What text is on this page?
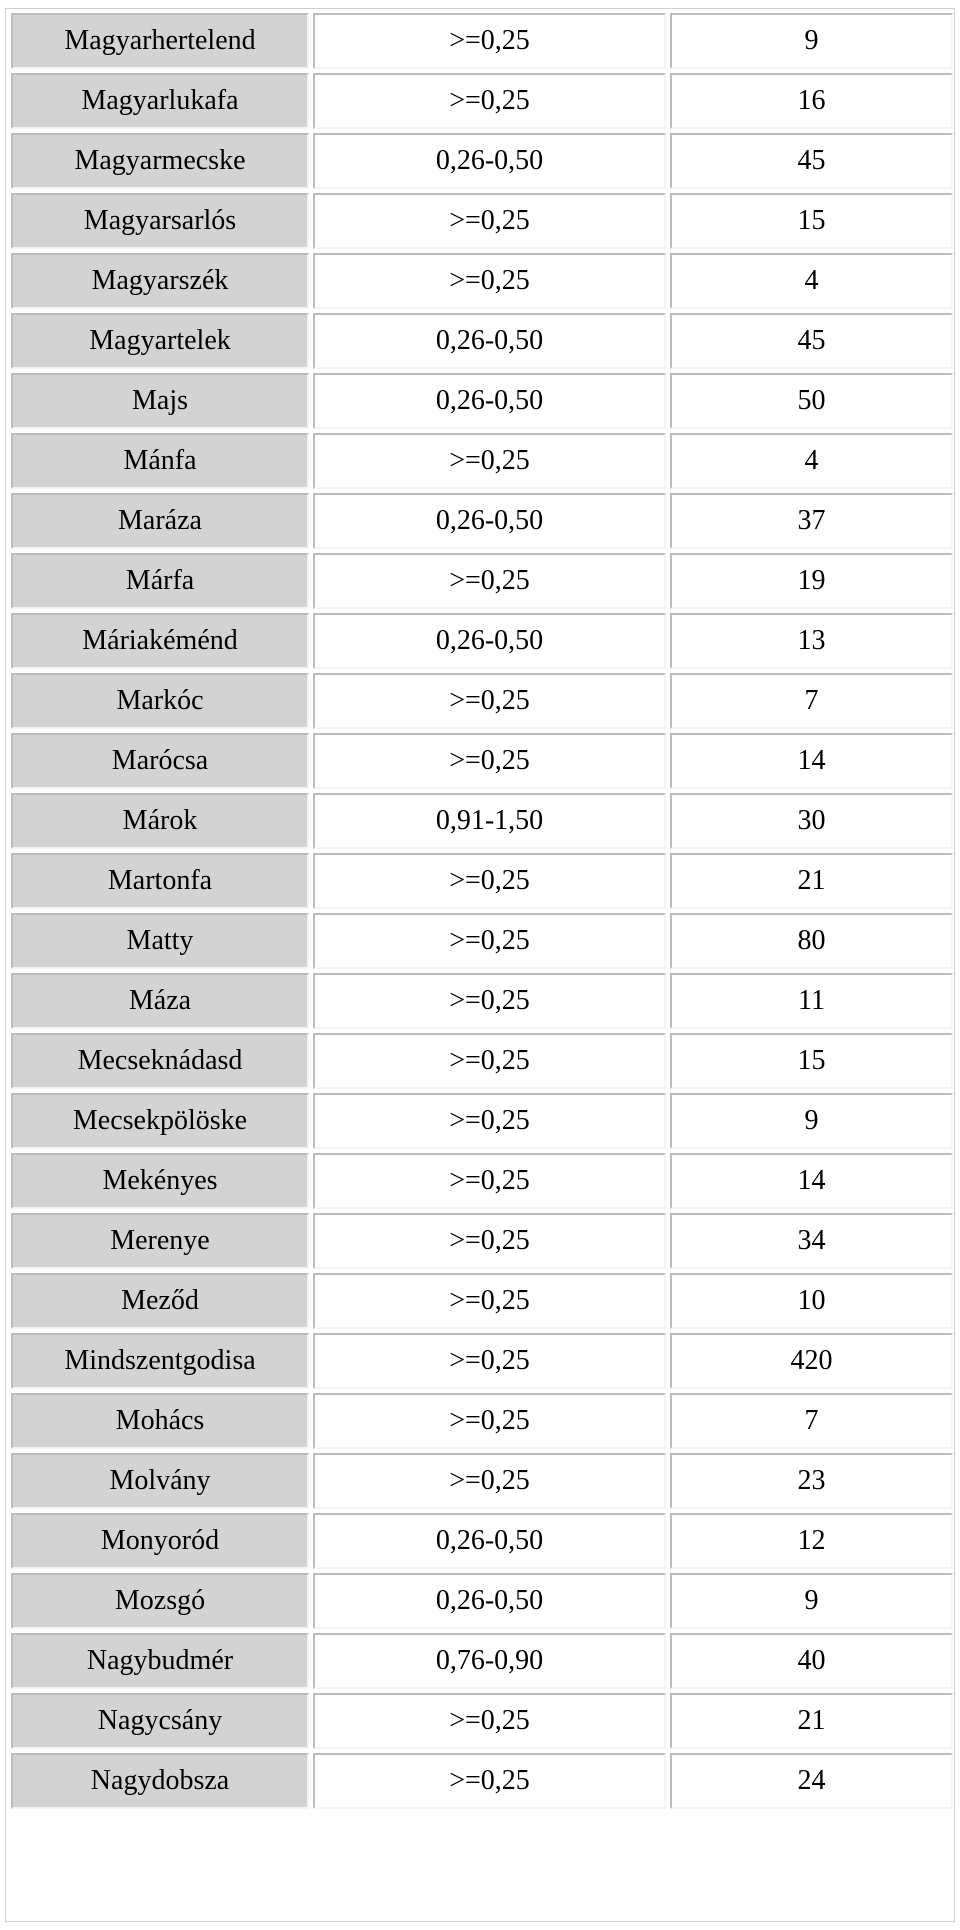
Magyarhertelend	>=0,25	9
Magyarlukafa	>=0,25	16
Magyarmecske	0,26-0,50	45
Magyarsarlós	>=0,25	15
Magyarszék	>=0,25	4
Magyartelek	0,26-0,50	45
Majs	0,26-0,50	50
Mánfa	>=0,25	4
Maráza	0,26-0,50	37
Márfa	>=0,25	19
Máriakéménd	0,26-0,50	13
Markóc	>=0,25	7
Marócsa	>=0,25	14
Márok	0,91-1,50	30
Martonfa	>=0,25	21
Matty	>=0,25	80
Máza	>=0,25	11
Mecseknádasd	>=0,25	15
Mecsekpölöske	>=0,25	9
Mekényes	>=0,25	14
Merenye	>=0,25	34
Meződ	>=0,25	10
Mindszentgodisa	>=0,25	420
Mohács	>=0,25	7
Molvány	>=0,25	23
Monyoród	0,26-0,50	12
Mozsgó	0,26-0,50	9
Nagybudmér	0,76-0,90	40
Nagycsány	>=0,25	21
Nagydobsza	>=0,25	24
